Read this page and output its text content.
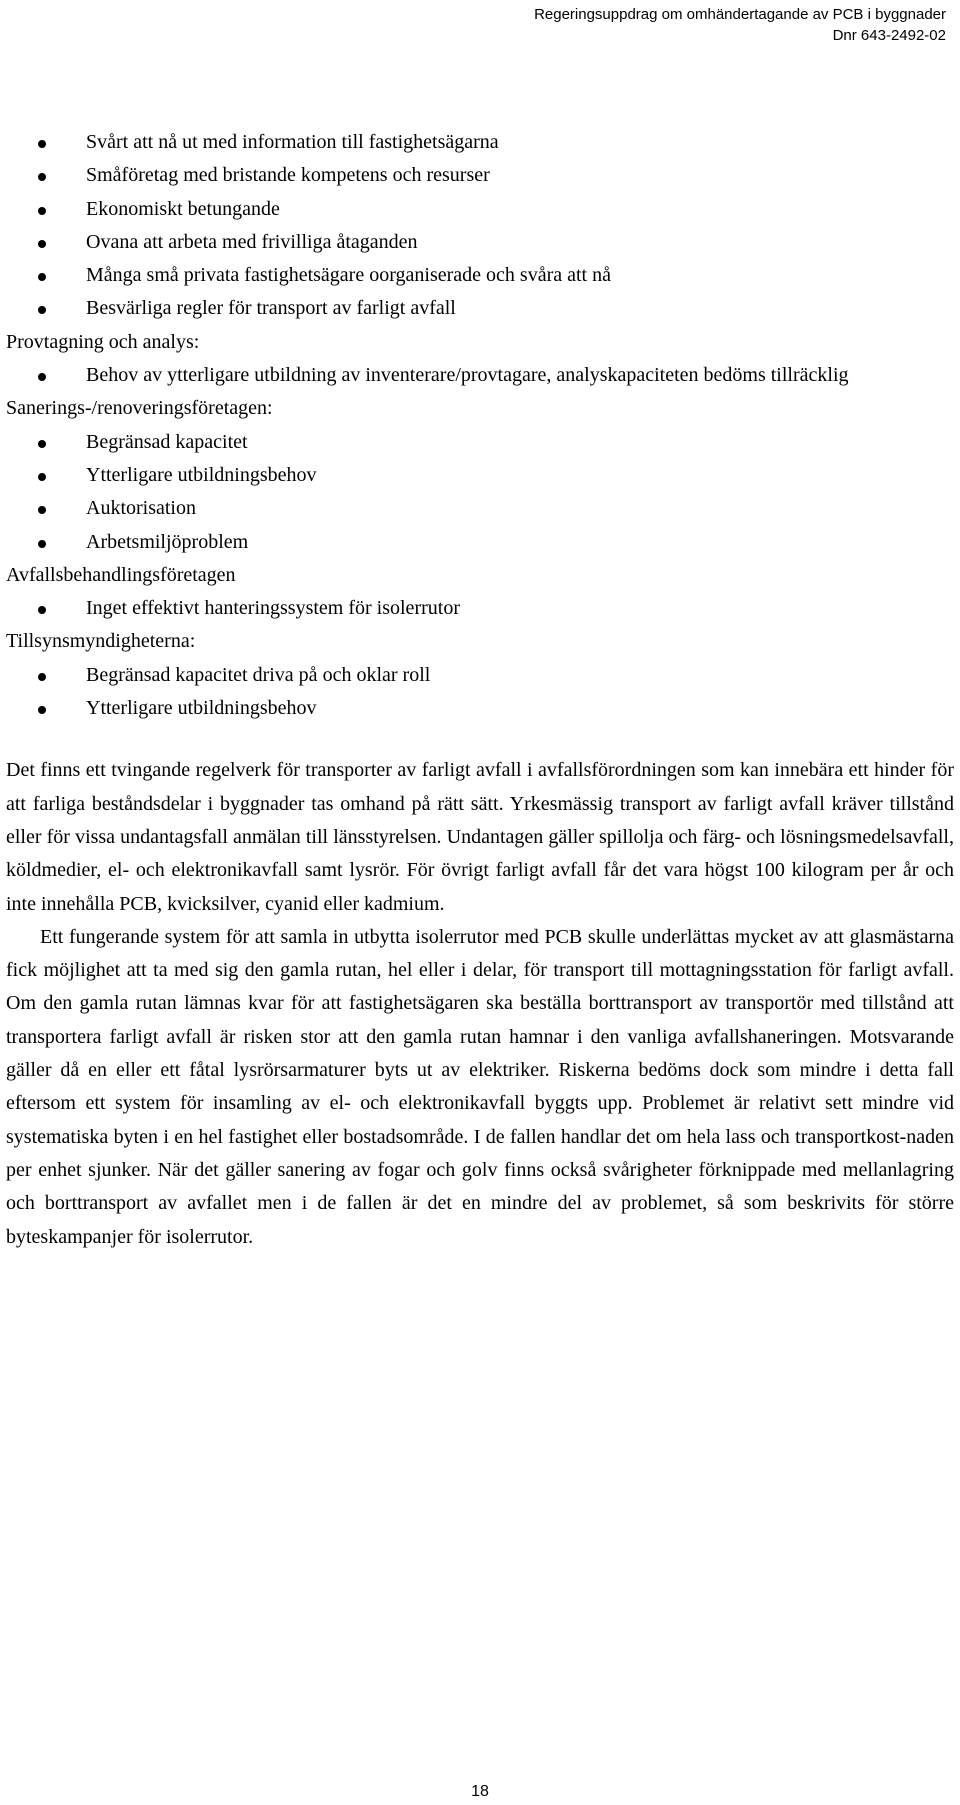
Regeringsuppdrag om omhändertagande av PCB i byggnader
Dnr 643-2492-02
Svårt att nå ut med information till fastighetsägarna
Småföretag med bristande kompetens och resurser
Ekonomiskt betungande
Ovana att arbeta med frivilliga åtaganden
Många små privata fastighetsägare oorganiserade och svåra att nå
Besvärliga regler för transport av farligt avfall
Provtagning och analys:
Behov av ytterligare utbildning av inventerare/provtagare, analyskapaciteten bedöms tillräcklig
Sanerings-/renoveringsföretagen:
Begränsad kapacitet
Ytterligare utbildningsbehov
Auktorisation
Arbetsmiljöproblem
Avfallsbehandlingsföretagen
Inget effektivt hanteringssystem för isolerrutor
Tillsynsmyndigheterna:
Begränsad kapacitet driva på och oklar roll
Ytterligare utbildningsbehov

Det finns ett tvingande regelverk för transporter av farligt avfall i avfallsförordningen som kan innebära ett hinder för att farliga beståndsdelar i byggnader tas omhand på rätt sätt. Yrkesmässig transport av farligt avfall kräver tillstånd eller för vissa undantagsfall anmälan till länsstyrelsen. Undantagen gäller spillolja och färg- och lösningsmedelsavfall, köldmedier, el- och elektronikavfall samt lysrör. För övrigt farligt avfall får det vara högst 100 kilogram per år och inte innehålla PCB, kvicksilver, cyanid eller kadmium.

Ett fungerande system för att samla in utbytta isolerrutor med PCB skulle underlättas mycket av att glasmästarna fick möjlighet att ta med sig den gamla rutan, hel eller i delar, för transport till mottagningsstation för farligt avfall. Om den gamla rutan lämnas kvar för att fastighetsägaren ska beställa borttransport av transportör med tillstånd att transportera farligt avfall är risken stor att den gamla rutan hamnar i den vanliga avfallshaneringen. Motsvarande gäller då en eller ett fåtal lysrörsarmaturer byts ut av elektriker. Riskerna bedöms dock som mindre i detta fall eftersom ett system för insamling av el- och elektronikavfall byggts upp. Problemet är relativt sett mindre vid systematiska byten i en hel fastighet eller bostadsområde. I de fallen handlar det om hela lass och transportkost-naden per enhet sjunker. När det gäller sanering av fogar och golv finns också svårigheter förknippade med mellanlagring och borttransport av avfallet men i de fallen är det en mindre del av problemet, så som beskrivits för större byteskampanjer för isolerrutor.

18
